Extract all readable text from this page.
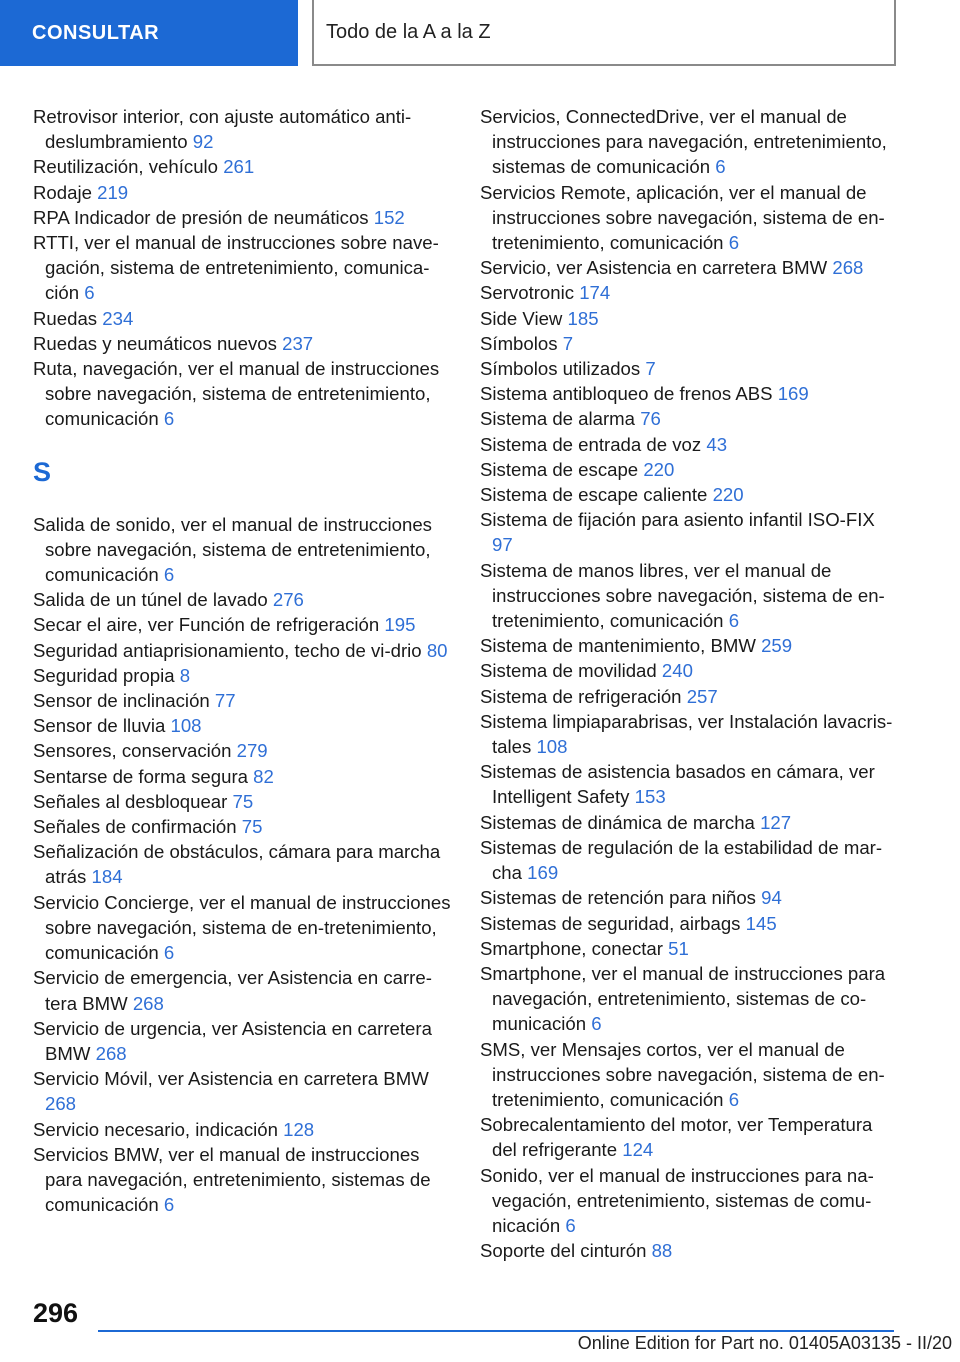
CONSULTAR	Todo de la A a la Z

Retrovisor interior, con ajuste automático anti-deslumbramiento 92

Reutilización, vehículo 261

Rodaje 219

RPA Indicador de presión de neumáticos 152

RTTI, ver el manual de instrucciones sobre nave-gación, sistema de entretenimiento, comunica-ción 6

Ruedas 234

Ruedas y neumáticos nuevos 237

Ruta, navegación, ver el manual de instrucciones sobre navegación, sistema de entretenimiento, comunicación 6

S

Salida de sonido, ver el manual de instrucciones sobre navegación, sistema de entretenimiento, comunicación 6

Salida de un túnel de lavado 276

Secar el aire, ver Función de refrigeración 195

Seguridad antiaprisionamiento, techo de vi-drio 80

Seguridad propia 8

Sensor de inclinación 77

Sensor de lluvia 108

Sensores, conservación 279

Sentarse de forma segura 82

Señales al desbloquear 75

Señales de confirmación 75

Señalización de obstáculos, cámara para marcha atrás 184

Servicio Concierge, ver el manual de instrucciones sobre navegación, sistema de en-tretenimiento, comunicación 6

Servicio de emergencia, ver Asistencia en carre-tera BMW 268

Servicio de urgencia, ver Asistencia en carretera BMW 268

Servicio Móvil, ver Asistencia en carretera BMW 268

Servicio necesario, indicación 128

Servicios BMW, ver el manual de instrucciones para navegación, entretenimiento, sistemas de comunicación 6

Servicios, ConnectedDrive, ver el manual de instrucciones para navegación, entretenimiento, sistemas de comunicación 6

Servicios Remote, aplicación, ver el manual de instrucciones sobre navegación, sistema de en-tretenimiento, comunicación 6

Servicio, ver Asistencia en carretera BMW 268

Servotronic 174

Side View 185

Símbolos 7

Símbolos utilizados 7

Sistema antibloqueo de frenos ABS 169

Sistema de alarma 76

Sistema de entrada de voz 43

Sistema de escape 220

Sistema de escape caliente 220

Sistema de fijación para asiento infantil ISO-FIX 97

Sistema de manos libres, ver el manual de instrucciones sobre navegación, sistema de en-tretenimiento, comunicación 6

Sistema de mantenimiento, BMW 259

Sistema de movilidad 240

Sistema de refrigeración 257

Sistema limpiaparabrisas, ver Instalación lavacris-tales 108

Sistemas de asistencia basados en cámara, ver Intelligent Safety 153

Sistemas de dinámica de marcha 127

Sistemas de regulación de la estabilidad de mar-cha 169

Sistemas de retención para niños 94

Sistemas de seguridad, airbags 145

Smartphone, conectar 51

Smartphone, ver el manual de instrucciones para navegación, entretenimiento, sistemas de co-municación 6

SMS, ver Mensajes cortos, ver el manual de instrucciones sobre navegación, sistema de en-tretenimiento, comunicación 6

Sobrecalentamiento del motor, ver Temperatura del refrigerante 124

Sonido, ver el manual de instrucciones para na-vegación, entretenimiento, sistemas de comu-nicación 6

Soporte del cinturón 88

296
Online Edition for Part no. 01405A03135 - II/20
